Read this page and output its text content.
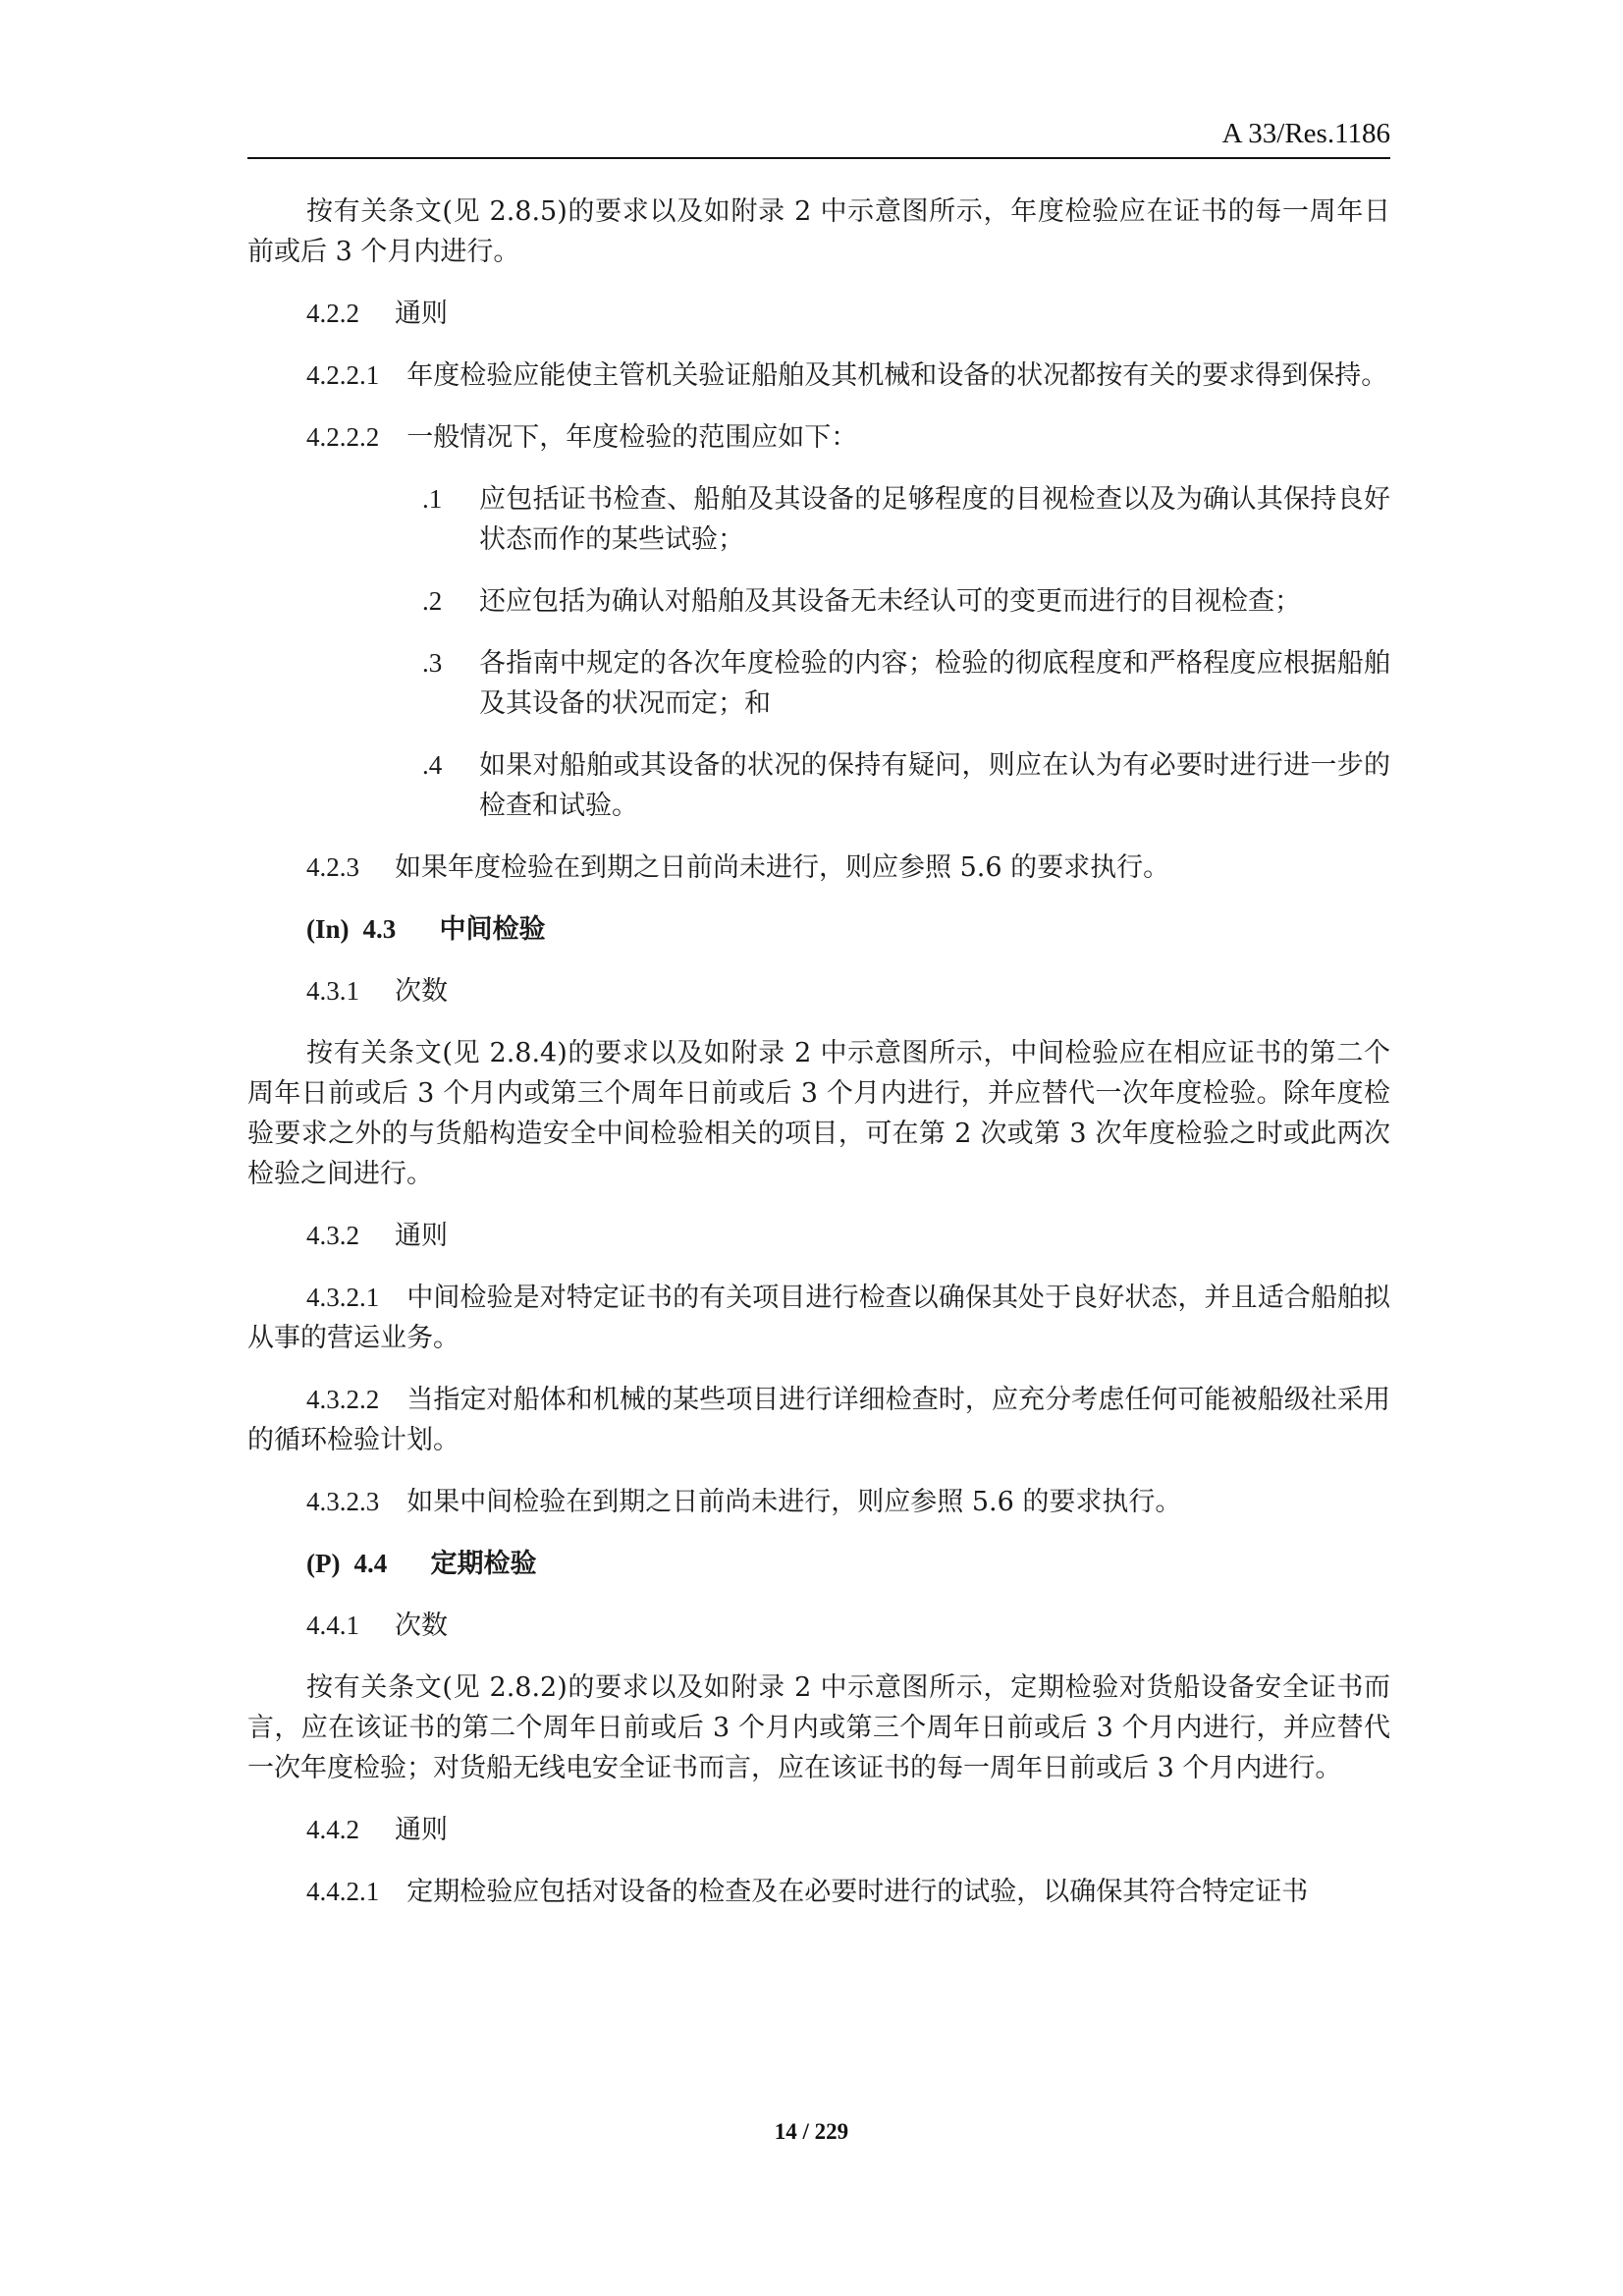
A 33/Res.1186

按有关条文(见 2.8.5)的要求以及如附录 2 中示意图所示，年度检验应在证书的每一周年日前或后 3 个月内进行。

4.2.2 通则

4.2.2.1 年度检验应能使主管机关验证船舶及其机械和设备的状况都按有关的要求得到保持。

4.2.2.2 一般情况下，年度检验的范围应如下：

.1 应包括证书检查、船舶及其设备的足够程度的目视检查以及为确认其保持良好状态而作的某些试验；
.2 还应包括为确认对船舶及其设备无未经认可的变更而进行的目视检查；
.3 各指南中规定的各次年度检验的内容；检验的彻底程度和严格程度应根据船舶及其设备的状况而定；和
.4 如果对船舶或其设备的状况的保持有疑问，则应在认为有必要时进行进一步的检查和试验。
4.2.3 如果年度检验在到期之日前尚未进行，则应参照 5.6 的要求执行。
(In) 4.3 中间检验
4.3.1 次数

按有关条文(见 2.8.4)的要求以及如附录 2 中示意图所示，中间检验应在相应证书的第二个周年日前或后 3 个月内或第三个周年日前或后 3 个月内进行，并应替代一次年度检验。除年度检验要求之外的与货船构造安全中间检验相关的项目，可在第 2 次或第 3 次年度检验之时或此两次检验之间进行。

4.3.2 通则

4.3.2.1 中间检验是对特定证书的有关项目进行检查以确保其处于良好状态，并且适合船舶拟从事的营运业务。

4.3.2.2 当指定对船体和机械的某些项目进行详细检查时，应充分考虑任何可能被船级社采用的循环检验计划。

4.3.2.3 如果中间检验在到期之日前尚未进行，则应参照 5.6 的要求执行。

(P) 4.4 定期检验
4.4.1 次数

按有关条文(见 2.8.2)的要求以及如附录 2 中示意图所示，定期检验对货船设备安全证书而言，应在该证书的第二个周年日前或后 3 个月内或第三个周年日前或后 3 个月内进行，并应替代一次年度检验；对货船无线电安全证书而言，应在该证书的每一周年日前或后 3 个月内进行。

4.4.2 通则

4.4.2.1 定期检验应包括对设备的检查及在必要时进行的试验，以确保其符合特定证书

14 / 229
